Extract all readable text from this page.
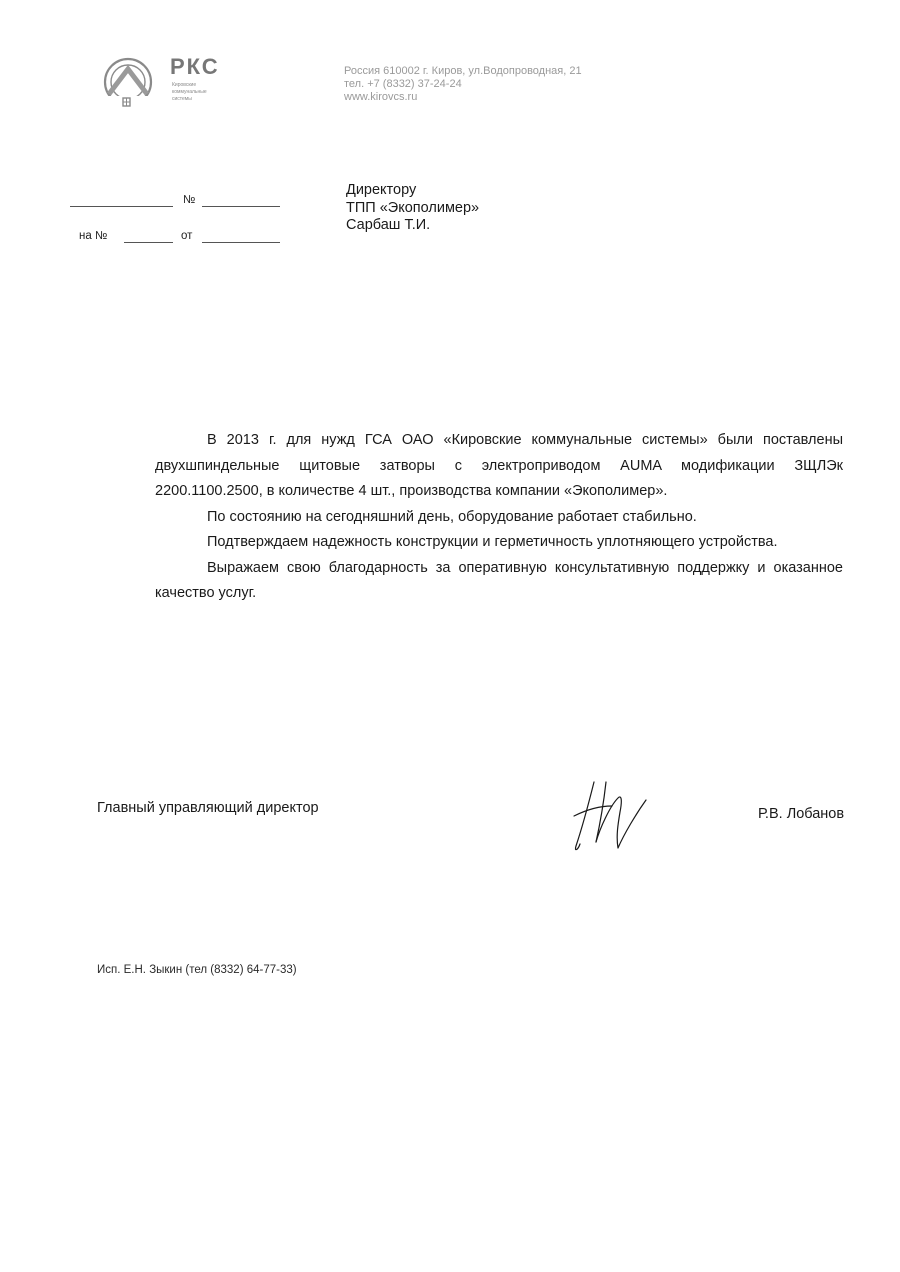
РКС
Кировские
коммунальные
системы
Россия 610002 г. Киров, ул.Водопроводная, 21
тел. +7 (8332) 37-24-24
www.kirovcs.ru
№
на №	от
Директору
ТПП «Экополимер»
Сарбаш Т.И.

В 2013 г. для нужд ГСА ОАО «Кировские коммунальные системы» были поставлены двухшпиндельные щитовые затворы с электроприводом AUMA модификации ЗЩЛЭк 2200.1100.2500, в количестве 4 шт., производства компании «Экополимер».

По состоянию на сегодняшний день, оборудование работает стабильно.

Подтверждаем надежность конструкции и герметичность уплотняющего устройства.

Выражаем свою благодарность за оперативную консультативную поддержку и оказанное качество услуг.

Главный управляющий директор	Р.В. Лобанов
Исп. Е.Н. Зыкин (тел (8332) 64-77-33)
